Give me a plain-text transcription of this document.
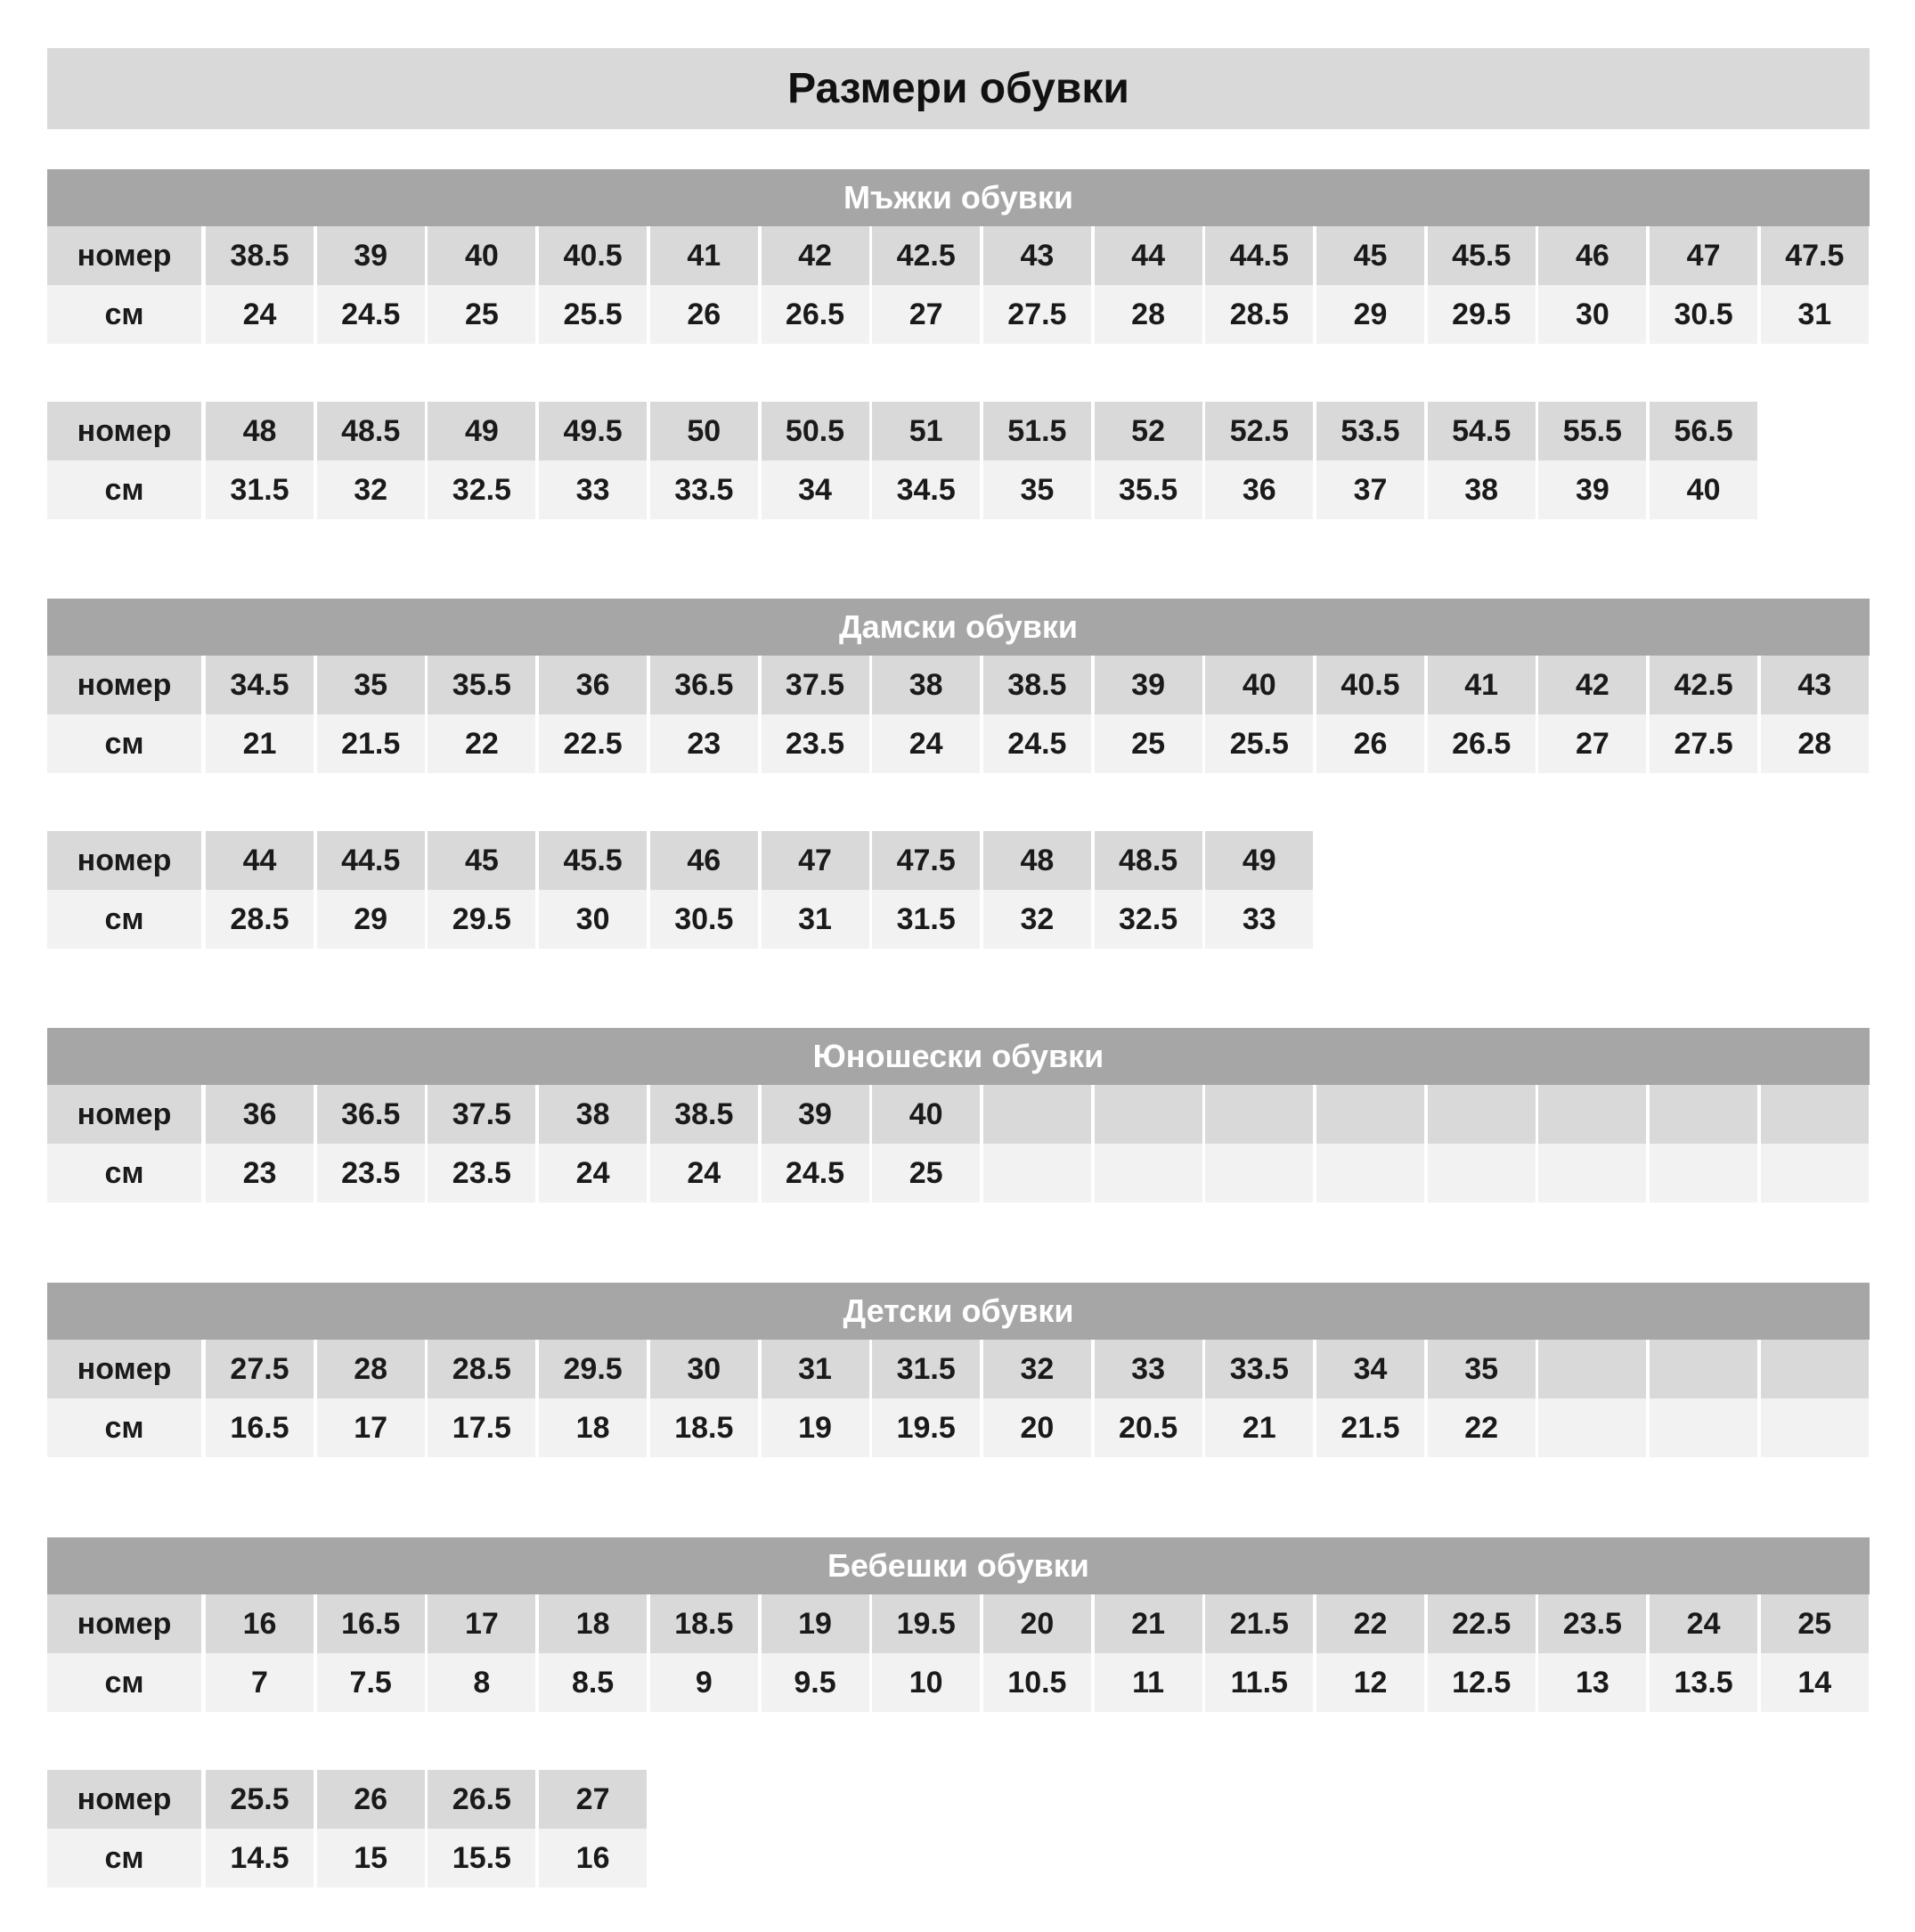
Размери обувки
Мъжки обувки
номер
см
38.5
24
39
24.5
40
25
40.5
25.5
41
26
42
26.5
42.5
27
43
27.5
44
28
44.5
28.5
45
29
45.5
29.5
46
30
47
30.5
47.5
31
номер
см
48
31.5
48.5
32
49
32.5
49.5
33
50
33.5
50.5
34
51
34.5
51.5
35
52
35.5
52.5
36
53.5
37
54.5
38
55.5
39
56.5
40
Дамски обувки
номер
см
34.5
21
35
21.5
35.5
22
36
22.5
36.5
23
37.5
23.5
38
24
38.5
24.5
39
25
40
25.5
40.5
26
41
26.5
42
27
42.5
27.5
43
28
номер
см
44
28.5
44.5
29
45
29.5
45.5
30
46
30.5
47
31
47.5
31.5
48
32
48.5
32.5
49
33
Юношески обувки
номер
см
36
23
36.5
23.5
37.5
23.5
38
24
38.5
24
39
24.5
40
25
Детски обувки
номер
см
27.5
16.5
28
17
28.5
17.5
29.5
18
30
18.5
31
19
31.5
19.5
32
20
33
20.5
33.5
21
34
21.5
35
22
Бебешки обувки
номер
см
16
7
16.5
7.5
17
8
18
8.5
18.5
9
19
9.5
19.5
10
20
10.5
21
11
21.5
11.5
22
12
22.5
12.5
23.5
13
24
13.5
25
14
номер
см
25.5
14.5
26
15
26.5
15.5
27
16
